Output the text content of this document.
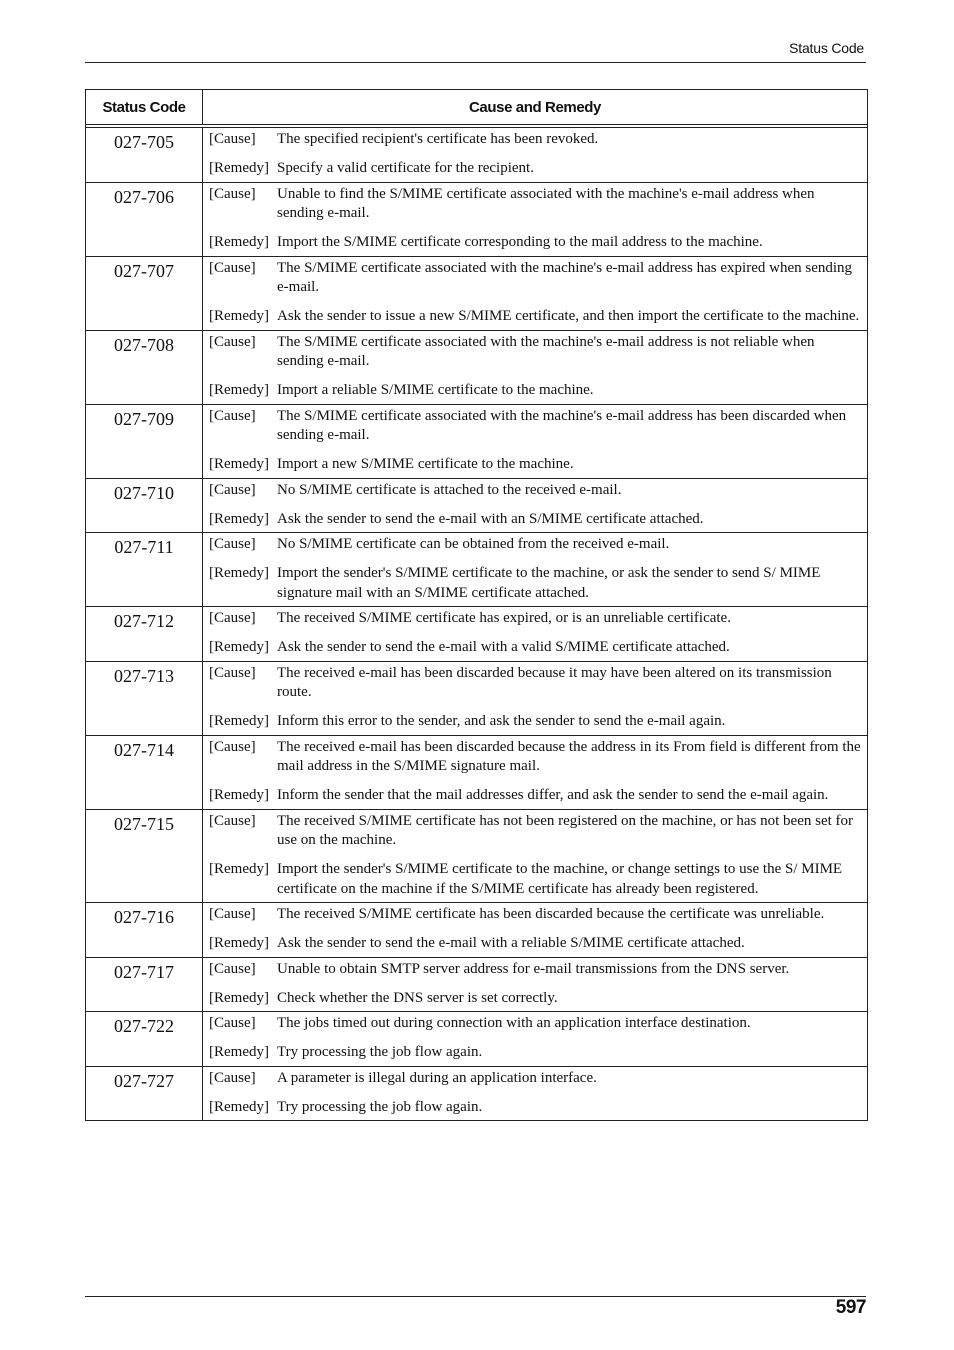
Status Code
Status Code	Cause and Remedy

027-705	[Cause] The specified recipient's certificate has been revoked.
[Remedy] Specify a valid certificate for the recipient.

027-706	[Cause] Unable to find the S/MIME certificate associated with the machine's e-mail address when sending e-mail.
[Remedy] Import the S/MIME certificate corresponding to the mail address to the machine.

027-707	[Cause] The S/MIME certificate associated with the machine's e-mail address has expired when sending e-mail.
[Remedy] Ask the sender to issue a new S/MIME certificate, and then import the certificate to the machine.

027-708	[Cause] The S/MIME certificate associated with the machine's e-mail address is not reliable when sending e-mail.
[Remedy] Import a reliable S/MIME certificate to the machine.

027-709	[Cause] The S/MIME certificate associated with the machine's e-mail address has been discarded when sending e-mail.
[Remedy] Import a new S/MIME certificate to the machine.

027-710	[Cause] No S/MIME certificate is attached to the received e-mail.
[Remedy] Ask the sender to send the e-mail with an S/MIME certificate attached.

027-711	[Cause] No S/MIME certificate can be obtained from the received e-mail.
[Remedy] Import the sender's S/MIME certificate to the machine, or ask the sender to send S/ MIME signature mail with an S/MIME certificate attached.

027-712	[Cause] The received S/MIME certificate has expired, or is an unreliable certificate.
[Remedy] Ask the sender to send the e-mail with a valid S/MIME certificate attached.

027-713	[Cause] The received e-mail has been discarded because it may have been altered on its transmission route.
[Remedy] Inform this error to the sender, and ask the sender to send the e-mail again.

027-714	[Cause] The received e-mail has been discarded because the address in its From field is different from the mail address in the S/MIME signature mail.
[Remedy] Inform the sender that the mail addresses differ, and ask the sender to send the e-mail again.

027-715	[Cause] The received S/MIME certificate has not been registered on the machine, or has not been set for use on the machine.
[Remedy] Import the sender's S/MIME certificate to the machine, or change settings to use the S/ MIME certificate on the machine if the S/MIME certificate has already been registered.

027-716	[Cause] The received S/MIME certificate has been discarded because the certificate was unreliable.
[Remedy] Ask the sender to send the e-mail with a reliable S/MIME certificate attached.

027-717	[Cause] Unable to obtain SMTP server address for e-mail transmissions from the DNS server.
[Remedy] Check whether the DNS server is set correctly.

027-722	[Cause] The jobs timed out during connection with an application interface destination.
[Remedy] Try processing the job flow again.

027-727	[Cause] A parameter is illegal during an application interface.
[Remedy] Try processing the job flow again.
597
